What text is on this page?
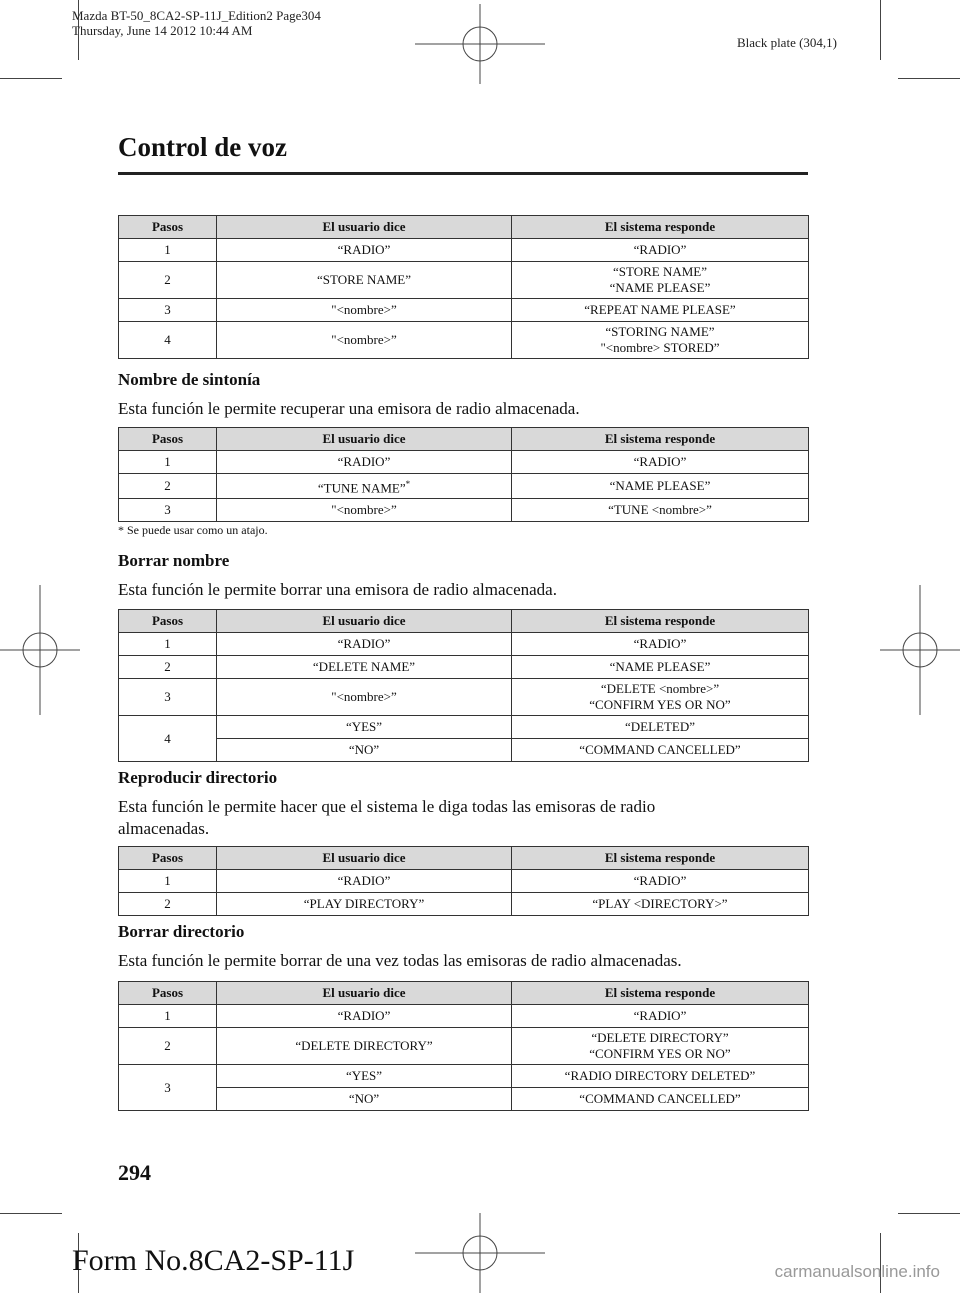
Mazda BT-50_8CA2-SP-11J_Edition2 Page304
Thursday, June 14 2012 10:44 AM
Black plate (304,1)
Control de voz
Pasos	El usuario dice	El sistema responde
1	“RADIO”	“RADIO”

2	“STORE NAME”	“STORE NAME”
“NAME PLEASE”

3	"<nombre>”	“REPEAT NAME PLEASE”

4	"<nombre>”	“STORING NAME”
"<nombre> STORED”
Nombre de sintonía
Esta función le permite recuperar una emisora de radio almacenada.
Pasos	El usuario dice	El sistema responde
1	“RADIO”	“RADIO”
2	“TUNE NAME”*	“NAME PLEASE”
3	"<nombre>”	“TUNE <nombre>”
* Se puede usar como un atajo.
Borrar nombre
Esta función le permite borrar una emisora de radio almacenada.
Pasos	El usuario dice	El sistema responde
1	“RADIO”	“RADIO”

2	“DELETE NAME”	“NAME PLEASE”

3	"<nombre>”	“DELETE <nombre>”
“CONFIRM YES OR NO”

4	“YES”	“DELETED”
	“NO”	“COMMAND CANCELLED”
Reproducir directorio
Esta función le permite hacer que el sistema le diga todas las emisoras de radio almacenadas.
Pasos	El usuario dice	El sistema responde
1	“RADIO”	“RADIO”
2	“PLAY DIRECTORY”	“PLAY <DIRECTORY>”
Borrar directorio
Esta función le permite borrar de una vez todas las emisoras de radio almacenadas.
Pasos	El usuario dice	El sistema responde
1	“RADIO”	“RADIO”

2	“DELETE DIRECTORY”	“DELETE DIRECTORY”
“CONFIRM YES OR NO”

3	“YES”	“RADIO DIRECTORY DELETED”
	“NO”	“COMMAND CANCELLED”
294
Form No.8CA2-SP-11J	carmanualsonline.info
